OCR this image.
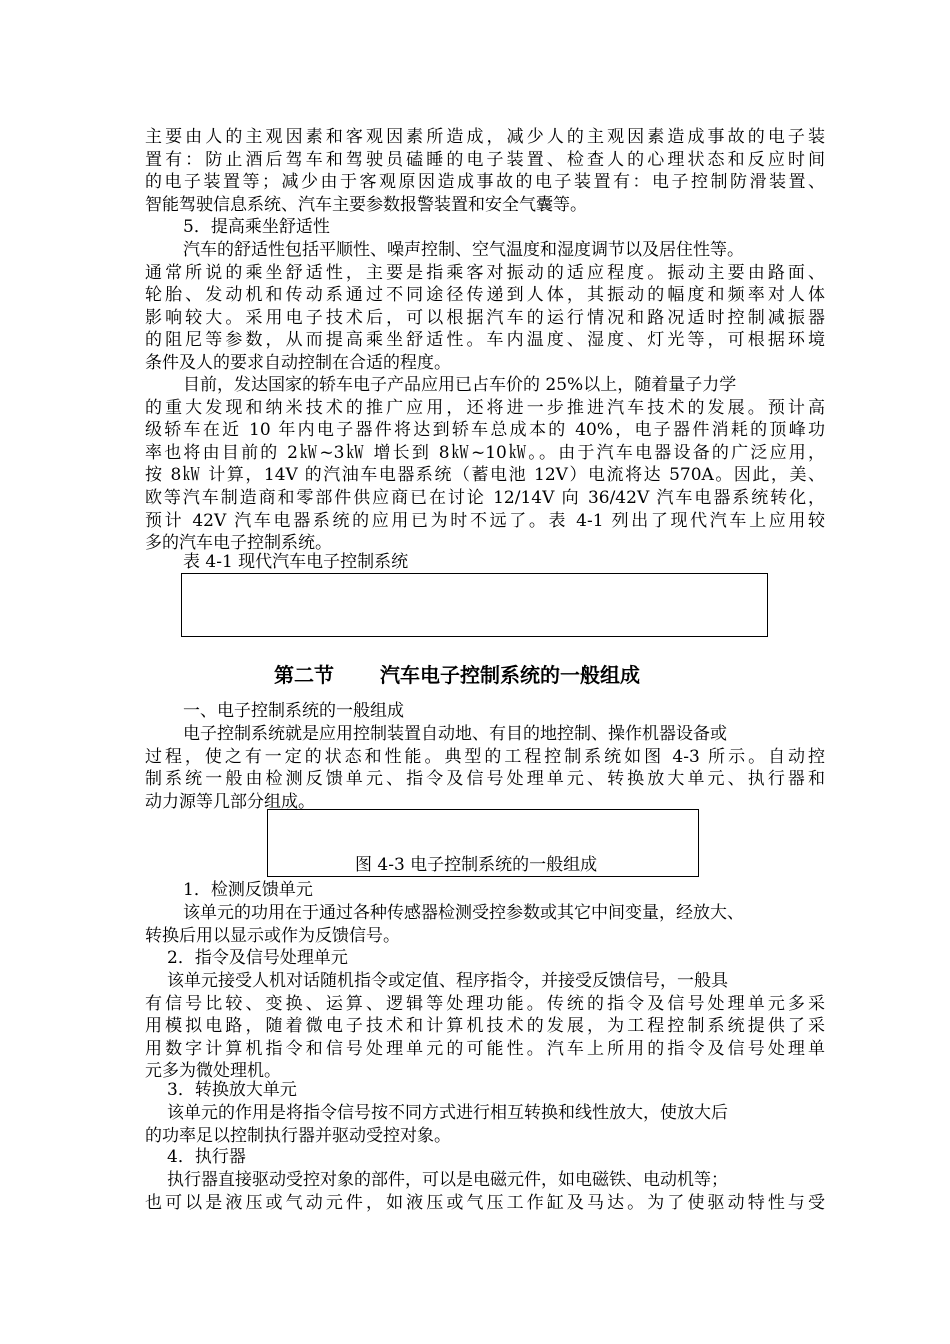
主要由人的主观因素和客观因素所造成，减少人的主观因素造成事故的电子装
置有：防止酒后驾车和驾驶员磕睡的电子装置、检查人的心理状态和反应时间
的电子装置等；减少由于客观原因造成事故的电子装置有：电子控制防滑装置、
智能驾驶信息系统、汽车主要参数报警装置和安全气囊等。
5．提高乘坐舒适性
汽车的舒适性包括平顺性、噪声控制、空气温度和湿度调节以及居住性等。
通常所说的乘坐舒适性，主要是指乘客对振动的适应程度。振动主要由路面、
轮胎、发动机和传动系通过不同途径传递到人体，其振动的幅度和频率对人体
影响较大。采用电子技术后，可以根据汽车的运行情况和路况适时控制减振器
的阻尼等参数，从而提高乘坐舒适性。车内温度、湿度、灯光等，可根据环境
条件及人的要求自动控制在合适的程度。
目前，发达国家的轿车电子产品应用已占车价的 25%以上，随着量子力学
的重大发现和纳米技术的推广应用，还将进一步推进汽车技术的发展。预计高
级轿车在近 10 年内电子器件将达到轿车总成本的 40%，电子器件消耗的顶峰功
率也将由目前的 2㎾~3㎾ 增长到 8㎾~10㎾。。由于汽车电器设备的广泛应用，
按 8㎾ 计算，14V 的汽油车电器系统（蓄电池 12V）电流将达 570A。因此，美、
欧等汽车制造商和零部件供应商已在讨论 12/14V 向 36/42V 汽车电器系统转化，
预计 42V 汽车电器系统的应用已为时不远了。表 4-1 列出了现代汽车上应用较
多的汽车电子控制系统。
表 4-1 现代汽车电子控制系统
第二节 汽车电子控制系统的一般组成
一、电子控制系统的一般组成
电子控制系统就是应用控制装置自动地、有目的地控制、操作机器设备或
过程，使之有一定的状态和性能。典型的工程控制系统如图 4-3 所示。自动控
制系统一般由检测反馈单元、指令及信号处理单元、转换放大单元、执行器和
动力源等几部分组成。
图 4-3 电子控制系统的一般组成
1．检测反馈单元
该单元的功用在于通过各种传感器检测受控参数或其它中间变量，经放大、
转换后用以显示或作为反馈信号。
2．指令及信号处理单元
该单元接受人机对话随机指令或定值、程序指令，并接受反馈信号，一般具
有信号比较、变换、运算、逻辑等处理功能。传统的指令及信号处理单元多采
用模拟电路，随着微电子技术和计算机技术的发展，为工程控制系统提供了采
用数字计算机指令和信号处理单元的可能性。汽车上所用的指令及信号处理单
元多为微处理机。
3．转换放大单元
该单元的作用是将指令信号按不同方式进行相互转换和线性放大，使放大后
的功率足以控制执行器并驱动受控对象。
4．执行器
执行器直接驱动受控对象的部件，可以是电磁元件，如电磁铁、电动机等；
也可以是液压或气动元件，如液压或气压工作缸及马达。为了使驱动特性与受
